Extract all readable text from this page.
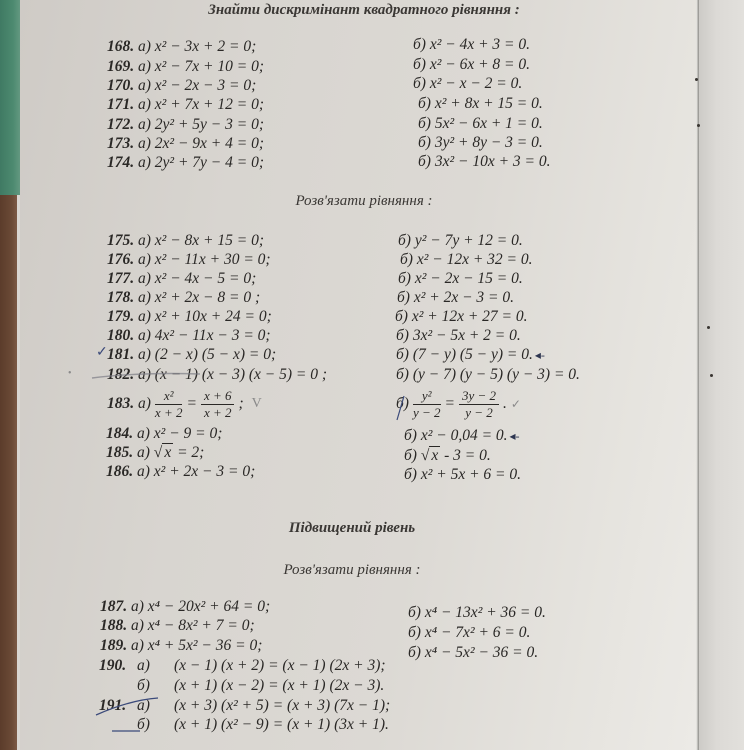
Знайти дискримінант квадратного рівняння :
168. а) x² − 3x + 2 = 0;	б) x² − 4x + 3 = 0.
169. а) x² − 7x + 10 = 0;	б) x² − 6x + 8 = 0.
170. а) x² − 2x − 3 = 0;	б) x² − x − 2 = 0.
171. а) x² + 7x + 12 = 0;	б) x² + 8x + 15 = 0.
172. а) 2y² + 5y − 3 = 0;	б) 5x² − 6x + 1 = 0.
173. а) 2x² − 9x + 4 = 0;	б) 3y² + 8y − 3 = 0.
174. а) 2y² + 7y − 4 = 0;	б) 3x² − 10x + 3 = 0.
Розв'язати рівняння :
175. а) x² − 8x + 15 = 0;	б) y² − 7y + 12 = 0.
176. а) x² − 11x + 30 = 0;	б) x² − 12x + 32 = 0.
177. а) x² − 4x − 5 = 0;	б) x² − 2x − 15 = 0.
178. а) x² + 2x − 8 = 0 ;	б) x² + 2x − 3 = 0.
179. а) x² + 10x + 24 = 0;	б) x² + 12x + 27 = 0.
180. а) 4x² − 11x − 3 = 0;	б) 3x² − 5x + 2 = 0.
✓ 181. а) (2 − x) (5 − x) = 0;	б) (7 − y) (5 − y) = 0. ◂-
• 182. а) (x − 1) (x − 3) (x − 5) = 0 ;	б) (y − 7) (y − 5) (y − 3) = 0.
183.
$а) \frac{\text{x²}}{x + 2} = \frac{x + 6}{x + 2}$ ; V	$б) \frac{\text{y²}}{y - 2} = \frac{3y - 2}{y - 2}$ . ✓
184. а) x² − 9 = 0;	б) x² − 0,04 = 0. ◂-
185. а) √ x = 2;	б) √ x - 3 = 0.
186. а) x² + 2x − 3 = 0;	б) x² + 5x + 6 = 0.
Підвищений рівень
Розв'язати рівняння :
187. а) x⁴ − 20x² + 64 = 0;	б) x⁴ − 13x² + 36 = 0.
188. а) x⁴ − 8x² + 7 = 0;	б) x⁴ − 7x² + 6 = 0.
189. а) x⁴ + 5x² − 36 = 0;	б) x⁴ − 5x² − 36 = 0.
190. а) (x − 1) (x + 2) = (x − 1) (2x + 3);
б) (x + 1) (x − 2) = (x + 1) (2x − 3).
191. а) (x + 3) (x² + 5) = (x + 3) (7x − 1);
б) (x + 1) (x² − 9) = (x + 1) (3x + 1).
